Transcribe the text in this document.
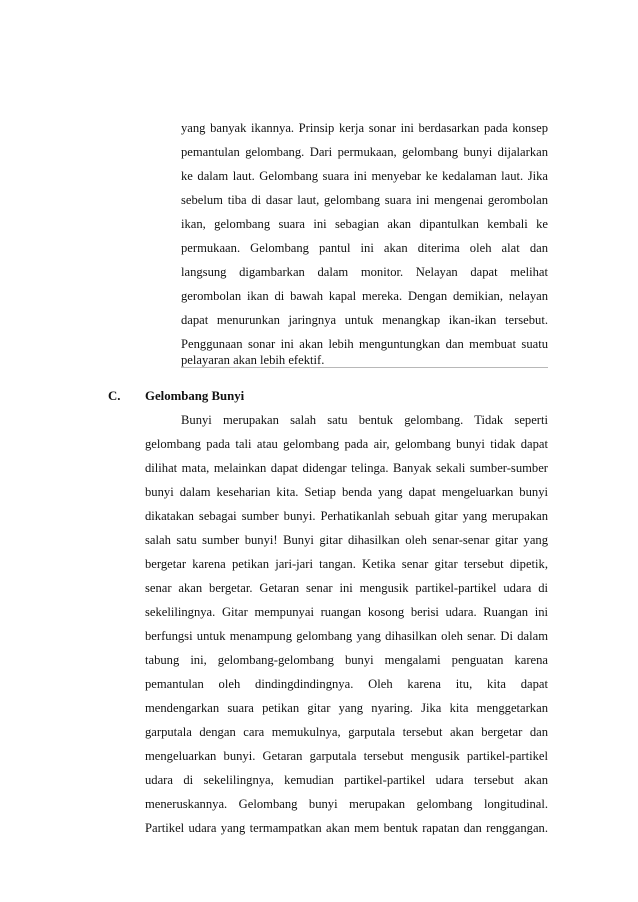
yang banyak ikannya. Prinsip kerja sonar ini berdasarkan pada konsep
pemantulan gelombang. Dari permukaan, gelombang bunyi dijalarkan
ke dalam laut. Gelombang suara ini menyebar ke kedalaman laut. Jika
sebelum tiba di dasar laut, gelombang suara ini mengenai gerombolan
ikan, gelombang suara ini sebagian akan dipantulkan kembali ke
permukaan. Gelombang pantul ini akan diterima oleh alat dan
langsung digambarkan dalam monitor. Nelayan dapat melihat
gerombolan ikan di bawah kapal mereka. Dengan demikian, nelayan
dapat menurunkan jaringnya untuk menangkap ikan-ikan tersebut.
Penggunaan sonar ini akan lebih menguntungkan dan membuat suatu
pelayaran akan lebih efektif.
C. Gelombang Bunyi
Bunyi merupakan salah satu bentuk gelombang. Tidak seperti
gelombang pada tali atau gelombang pada air, gelombang bunyi tidak dapat
dilihat mata, melainkan dapat didengar telinga. Banyak sekali sumber-sumber
bunyi dalam keseharian kita. Setiap benda yang dapat mengeluarkan bunyi
dikatakan sebagai sumber bunyi. Perhatikanlah sebuah gitar yang merupakan
salah satu sumber bunyi! Bunyi gitar dihasilkan oleh senar-senar gitar yang
bergetar karena petikan jari-jari tangan. Ketika senar gitar tersebut dipetik,
senar akan bergetar. Getaran senar ini mengusik partikel-partikel udara di
sekelilingnya. Gitar mempunyai ruangan kosong berisi udara. Ruangan ini
berfungsi untuk menampung gelombang yang dihasilkan oleh senar. Di dalam
tabung ini, gelombang-gelombang bunyi mengalami penguatan karena
pemantulan oleh dindingdindingnya. Oleh karena itu, kita dapat
mendengarkan suara petikan gitar yang nyaring. Jika kita menggetarkan
garputala dengan cara memukulnya, garputala tersebut akan bergetar dan
mengeluarkan bunyi. Getaran garputala tersebut mengusik partikel-partikel
udara di sekelilingnya, kemudian partikel-partikel udara tersebut akan
meneruskannya. Gelombang bunyi merupakan gelombang longitudinal.
Partikel udara yang termampatkan akan mem bentuk rapatan dan renggangan.
